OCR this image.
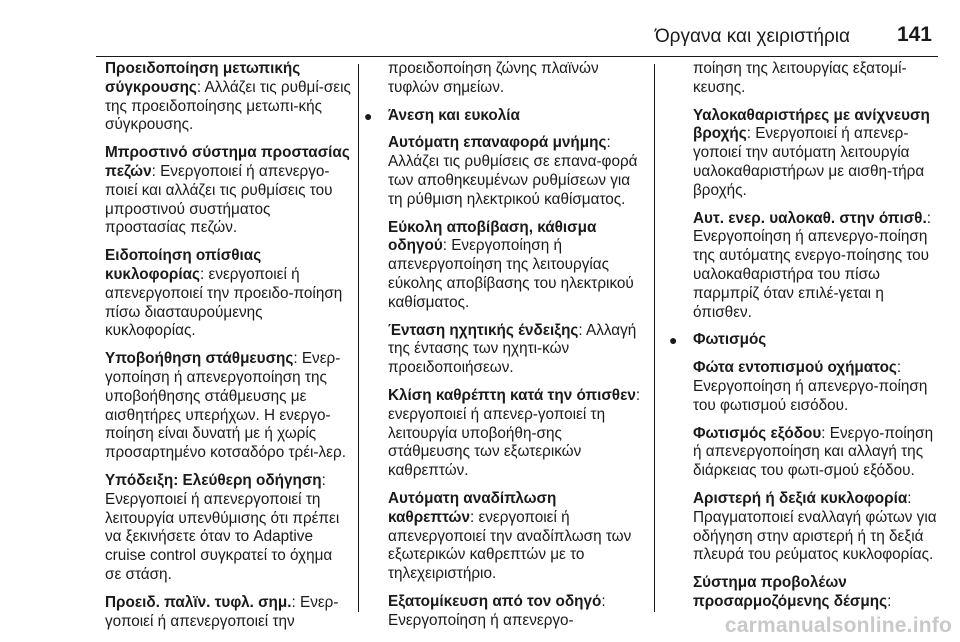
Όργανα και χειριστήρια 141

Προειδοποίηση μετωπικής σύγκρουσης: Αλλάζει τις ρυθμί‐σεις της προειδοποίησης μετωπι‐κής σύγκρουσης.

Μπροστινό σύστημα προστασίας πεζών: Ενεργοποιεί ή απενεργο‐ποιεί και αλλάζει τις ρυθμίσεις του μπροστινού συστήματος προστασίας πεζών.

Ειδοποίηση οπίσθιας κυκλοφορίας: ενεργοποιεί ή απενεργοποιεί την προειδο‐ποίηση πίσω διασταυρούμενης κυκλοφορίας.

Υποβοήθηση στάθμευσης: Ενερ‐γοποίηση ή απενεργοποίηση της υποβοήθησης στάθμευσης με αισθητήρες υπερήχων. Η ενεργο‐ποίηση είναι δυνατή με ή χωρίς προσαρτημένο κοτσαδόρο τρέι‐λερ.

Υπόδειξη: Ελεύθερη οδήγηση: Ενεργοποιεί ή απενεργοποιεί τη λειτουργία υπενθύμισης ότι πρέπει να ξεκινήσετε όταν το Adaptive cruise control συγκρατεί το όχημα σε στάση.

Προειδ. παλϊν. τυφλ. σημ.: Ενερ‐γοποιεί ή απενεργοποιεί την

προειδοποίηση ζώνης πλαϊνών τυφλών σημείων.

● Άνεση και ευκολία

Αυτόματη επαναφορά μνήμης: Αλλάζει τις ρυθμίσεις σε επανα‐φορά των αποθηκευμένων ρυθμίσεων για τη ρύθμιση ηλεκτρικού καθίσματος.

Εύκολη αποβίβαση, κάθισμα οδηγού: Ενεργοποίηση ή απενεργοποίηση της λειτουργίας εύκολης αποβίβασης του ηλεκτρικού καθίσματος.

Ένταση ηχητικής ένδειξης: Αλλαγή της έντασης των ηχητι‐κών προειδοποιήσεων.

Κλίση καθρέπτη κατά την όπισθεν: ενεργοποιεί ή απενερ‐γοποιεί τη λειτουργία υποβοήθη‐σης στάθμευσης των εξωτερικών καθρεπτών.

Αυτόματη αναδίπλωση καθρεπτών: ενεργοποιεί ή απενεργοποιεί την αναδίπλωση των εξωτερικών καθρεπτών με το τηλεχειριστήριο.

Εξατομίκευση από τον οδηγό: Ενεργοποίηση ή απενεργο‐

ποίηση της λειτουργίας εξατομί‐κευσης.

Υαλοκαθαριστήρες με ανίχνευση βροχής: Ενεργοποιεί ή απενερ‐γοποιεί την αυτόματη λειτουργία υαλοκαθαριστήρων με αισθη‐τήρα βροχής.

Αυτ. ενερ. υαλοκαθ. στην όπισθ.: Ενεργοποίηση ή απενεργο‐ποίηση της αυτόματης ενεργο‐ποίησης του υαλοκαθαριστήρα του πίσω παρμπρίζ όταν επιλέ‐γεται η όπισθεν.

● Φωτισμός

Φώτα εντοπισμού οχήματος: Ενεργοποίηση ή απενεργο‐ποίηση του φωτισμού εισόδου.

Φωτισμός εξόδου: Ενεργο‐ποίηση ή απενεργοποίηση και αλλαγή της διάρκειας του φωτι‐σμού εξόδου.

Αριστερή ή δεξιά κυκλοφορία: Πραγματοποιεί εναλλαγή φώτων για οδήγηση στην αριστερή ή τη δεξιά πλευρά του ρεύματος κυκλοφορίας.

Σύστημα προβολέων προσαρμοζόμενης δέσμης:

carmanualsonline.info
